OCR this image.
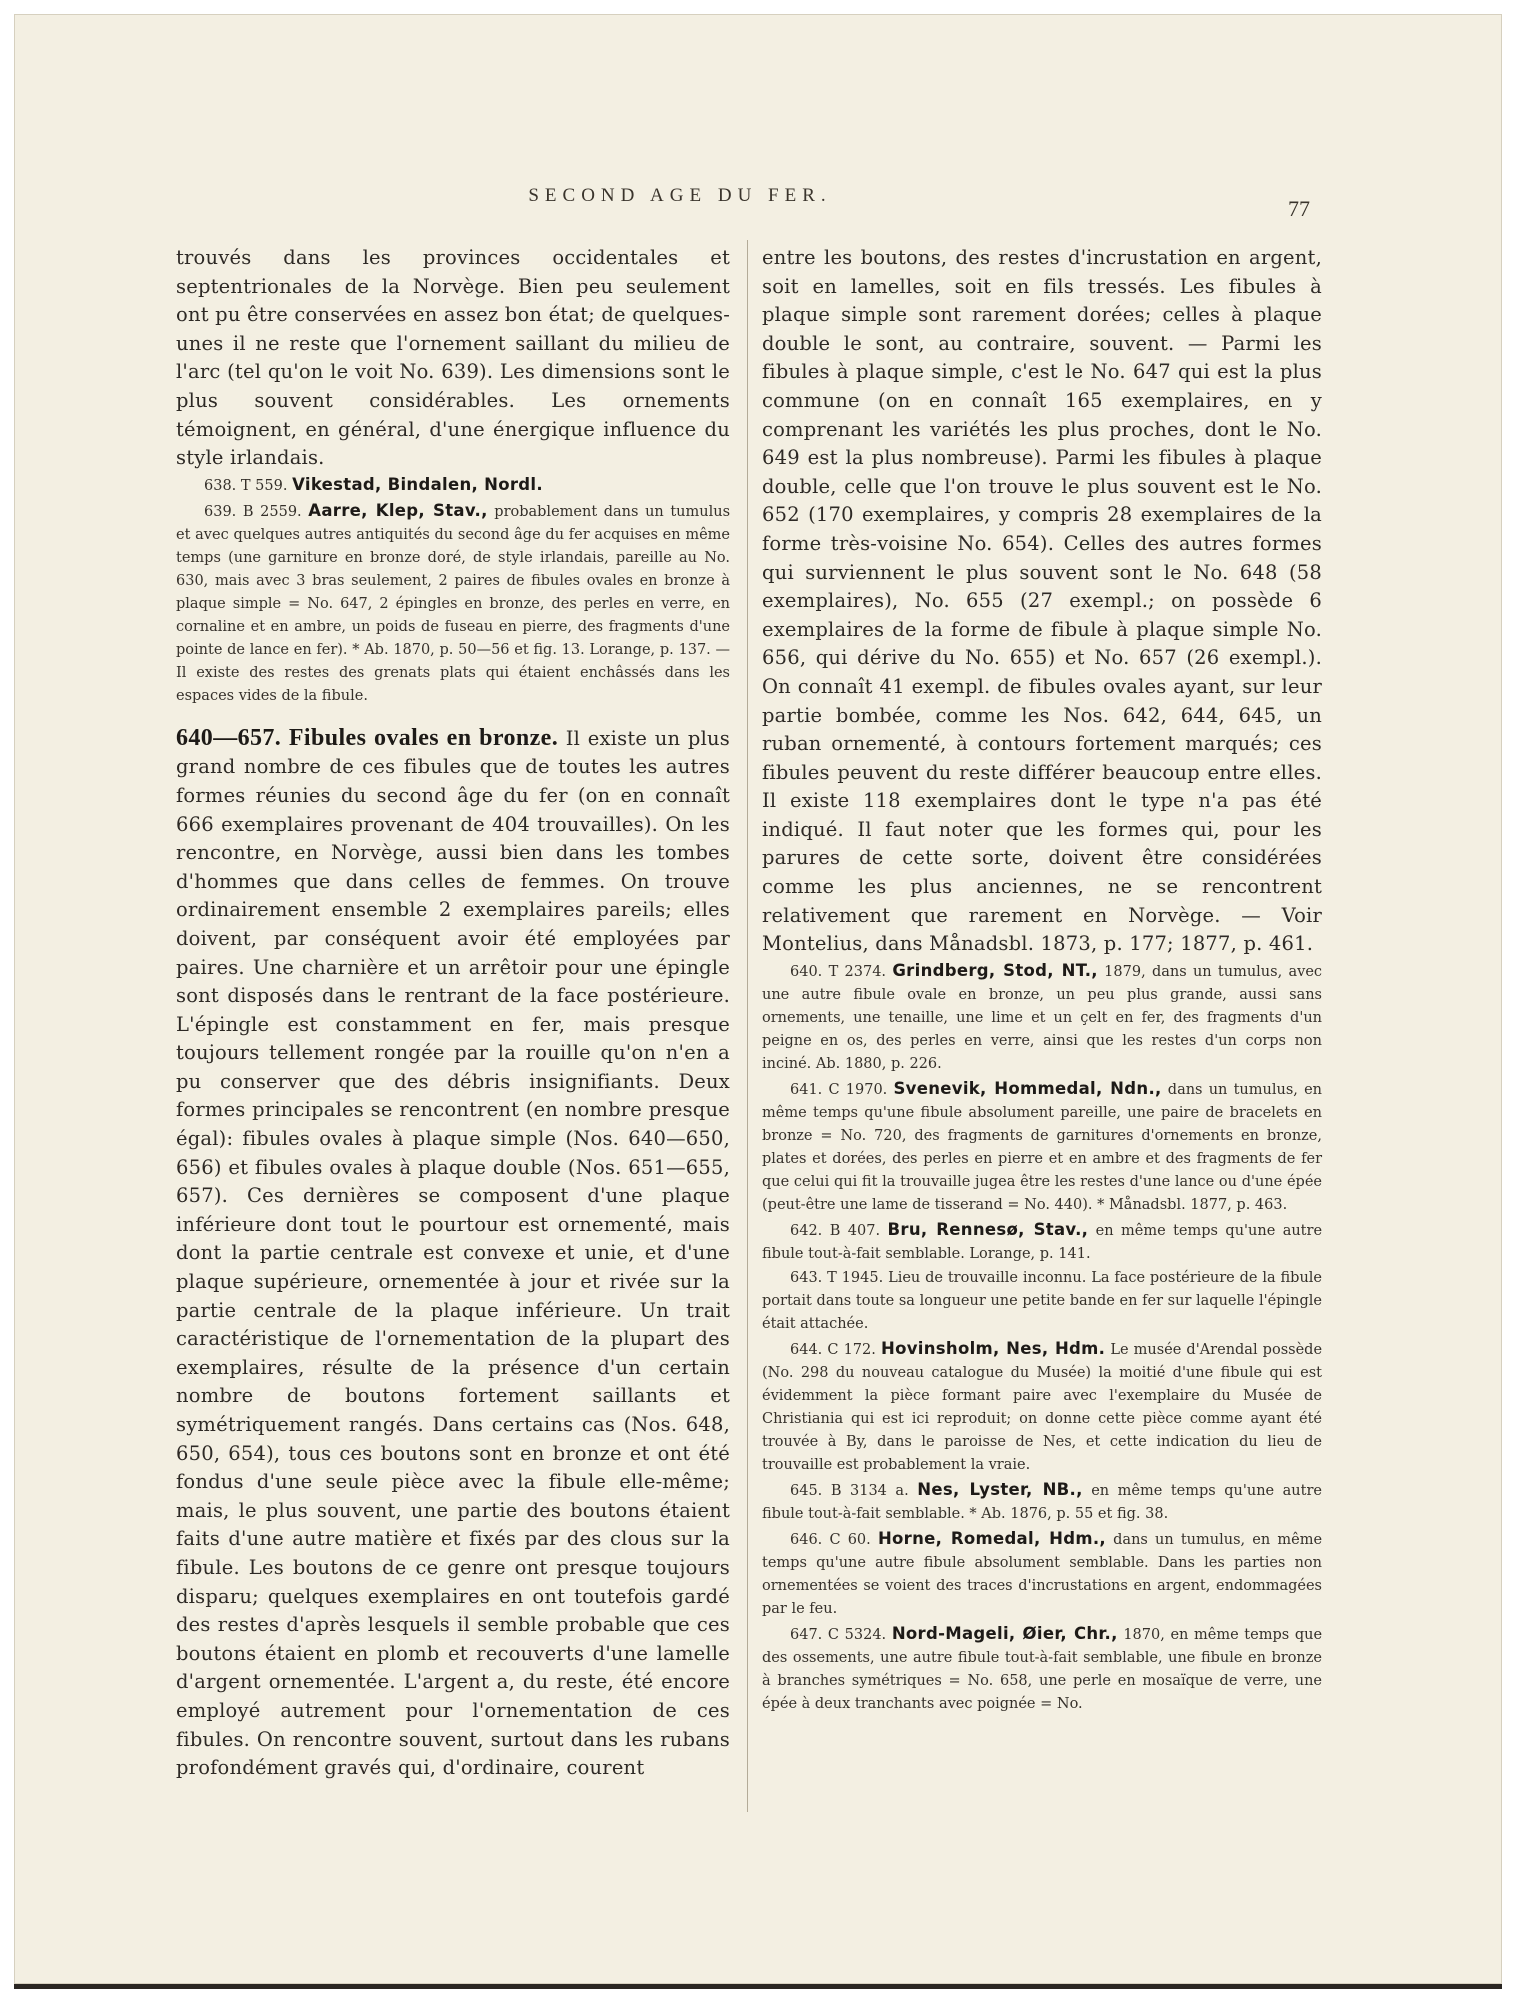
SECOND AGE DU FER.
77

trouvés dans les provinces occidentales et septentrionales de la Norvège. Bien peu seulement ont pu être conservées en assez bon état; de quelques-unes il ne reste que l'ornement saillant du milieu de l'arc (tel qu'on le voit No. 639). Les dimensions sont le plus souvent considérables. Les ornements témoignent, en général, d'une énergique influence du style irlandais.

638. T 559. Vikestad, Bindalen, Nordl.

639. B 2559. Aarre, Klep, Stav., probablement dans un tumulus et avec quelques autres antiquités du second âge du fer acquises en même temps (une garniture en bronze doré, de style irlandais, pareille au No. 630, mais avec 3 bras seulement, 2 paires de fibules ovales en bronze à plaque simple = No. 647, 2 épingles en bronze, des perles en verre, en cornaline et en ambre, un poids de fuseau en pierre, des fragments d'une pointe de lance en fer). * Ab. 1870, p. 50—56 et fig. 13. Lorange, p. 137. — Il existe des restes des grenats plats qui étaient enchâssés dans les espaces vides de la fibule.

640—657. Fibules ovales en bronze. Il existe un plus grand nombre de ces fibules que de toutes les autres formes réunies du second âge du fer (on en connaît 666 exemplaires provenant de 404 trouvailles). On les rencontre, en Norvège, aussi bien dans les tombes d'hommes que dans celles de femmes. On trouve ordinairement ensemble 2 exemplaires pareils; elles doivent, par conséquent avoir été employées par paires. Une charnière et un arrêtoir pour une épingle sont disposés dans le rentrant de la face postérieure. L'épingle est constamment en fer, mais presque toujours tellement rongée par la rouille qu'on n'en a pu conserver que des débris insignifiants. Deux formes principales se rencontrent (en nombre presque égal): fibules ovales à plaque simple (Nos. 640—650, 656) et fibules ovales à plaque double (Nos. 651—655, 657). Ces dernières se composent d'une plaque inférieure dont tout le pourtour est ornementé, mais dont la partie centrale est convexe et unie, et d'une plaque supérieure, ornementée à jour et rivée sur la partie centrale de la plaque inférieure. Un trait caractéristique de l'ornementation de la plupart des exemplaires, résulte de la présence d'un certain nombre de boutons fortement saillants et symétriquement rangés. Dans certains cas (Nos. 648, 650, 654), tous ces boutons sont en bronze et ont été fondus d'une seule pièce avec la fibule elle-même; mais, le plus souvent, une partie des boutons étaient faits d'une autre matière et fixés par des clous sur la fibule. Les boutons de ce genre ont presque toujours disparu; quelques exemplaires en ont toutefois gardé des restes d'après lesquels il semble probable que ces boutons étaient en plomb et recouverts d'une lamelle d'argent ornementée. L'argent a, du reste, été encore employé autrement pour l'ornementation de ces fibules. On rencontre souvent, surtout dans les rubans profondément gravés qui, d'ordinaire, courent

entre les boutons, des restes d'incrustation en argent, soit en lamelles, soit en fils tressés. Les fibules à plaque simple sont rarement dorées; celles à plaque double le sont, au contraire, souvent. — Parmi les fibules à plaque simple, c'est le No. 647 qui est la plus commune (on en connaît 165 exemplaires, en y comprenant les variétés les plus proches, dont le No. 649 est la plus nombreuse). Parmi les fibules à plaque double, celle que l'on trouve le plus souvent est le No. 652 (170 exemplaires, y compris 28 exemplaires de la forme très-voisine No. 654). Celles des autres formes qui surviennent le plus souvent sont le No. 648 (58 exemplaires), No. 655 (27 exempl.; on possède 6 exemplaires de la forme de fibule à plaque simple No. 656, qui dérive du No. 655) et No. 657 (26 exempl.). On connaît 41 exempl. de fibules ovales ayant, sur leur partie bombée, comme les Nos. 642, 644, 645, un ruban ornementé, à contours fortement marqués; ces fibules peuvent du reste différer beaucoup entre elles. Il existe 118 exemplaires dont le type n'a pas été indiqué. Il faut noter que les formes qui, pour les parures de cette sorte, doivent être considérées comme les plus anciennes, ne se rencontrent relativement que rarement en Norvège. — Voir Montelius, dans Månadsbl. 1873, p. 177; 1877, p. 461.

640. T 2374. Grindberg, Stod, NT., 1879, dans un tumulus, avec une autre fibule ovale en bronze, un peu plus grande, aussi sans ornements, une tenaille, une lime et un çelt en fer, des fragments d'un peigne en os, des perles en verre, ainsi que les restes d'un corps non inciné. Ab. 1880, p. 226.

641. C 1970. Svenevik, Hommedal, Ndn., dans un tumulus, en même temps qu'une fibule absolument pareille, une paire de bracelets en bronze = No. 720, des fragments de garnitures d'ornements en bronze, plates et dorées, des perles en pierre et en ambre et des fragments de fer que celui qui fit la trouvaille jugea être les restes d'une lance ou d'une épée (peut-être une lame de tisserand = No. 440). * Månadsbl. 1877, p. 463.

642. B 407. Bru, Rennesø, Stav., en même temps qu'une autre fibule tout-à-fait semblable. Lorange, p. 141.

643. T 1945. Lieu de trouvaille inconnu. La face postérieure de la fibule portait dans toute sa longueur une petite bande en fer sur laquelle l'épingle était attachée.

644. C 172. Hovinsholm, Nes, Hdm. Le musée d'Arendal possède (No. 298 du nouveau catalogue du Musée) la moitié d'une fibule qui est évidemment la pièce formant paire avec l'exemplaire du Musée de Christiania qui est ici reproduit; on donne cette pièce comme ayant été trouvée à By, dans le paroisse de Nes, et cette indication du lieu de trouvaille est probablement la vraie.

645. B 3134 a. Nes, Lyster, NB., en même temps qu'une autre fibule tout-à-fait semblable. * Ab. 1876, p. 55 et fig. 38.

646. C 60. Horne, Romedal, Hdm., dans un tumulus, en même temps qu'une autre fibule absolument semblable. Dans les parties non ornementées se voient des traces d'incrustations en argent, endommagées par le feu.

647. C 5324. Nord-Mageli, Øier, Chr., 1870, en même temps que des ossements, une autre fibule tout-à-fait semblable, une fibule en bronze à branches symétriques = No. 658, une perle en mosaïque de verre, une épée à deux tranchants avec poignée = No.
